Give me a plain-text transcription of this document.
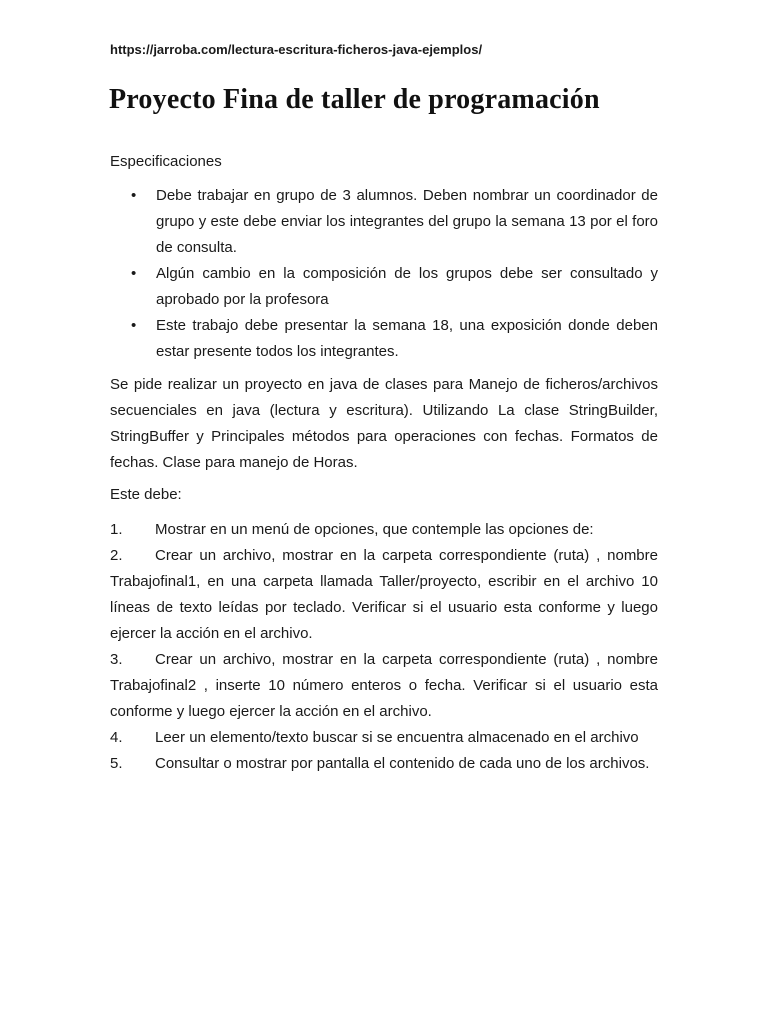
https://jarroba.com/lectura-escritura-ficheros-java-ejemplos/
Proyecto Fina de taller de programación
Especificaciones
• Debe trabajar en grupo de 3 alumnos. Deben nombrar un coordinador de grupo y este debe enviar los integrantes del grupo la semana 13 por el foro de consulta.
• Algún cambio en la composición de los grupos debe ser consultado y aprobado por la profesora
• Este trabajo debe presentar la semana 18, una exposición donde deben estar presente todos los integrantes.

Se pide realizar un proyecto en java de clases para Manejo de ficheros/archivos secuenciales en java (lectura y escritura). Utilizando La clase StringBuilder, StringBuffer y Principales métodos para operaciones con fechas. Formatos de fechas. Clase para manejo de Horas.

Este debe:

1. Mostrar en un menú de opciones, que contemple las opciones de:
2. Crear un archivo, mostrar en la carpeta correspondiente (ruta) , nombre Trabajofinal1, en una carpeta llamada Taller/proyecto, escribir en el archivo 10 líneas de texto leídas por teclado. Verificar si el usuario esta conforme y luego ejercer la acción en el archivo.
3. Crear un archivo, mostrar en la carpeta correspondiente (ruta) , nombre Trabajofinal2 , inserte 10 número enteros o fecha. Verificar si el usuario esta conforme y luego ejercer la acción en el archivo.
4. Leer un elemento/texto buscar si se encuentra almacenado en el archivo
5. Consultar o mostrar por pantalla el contenido de cada uno de los archivos.
